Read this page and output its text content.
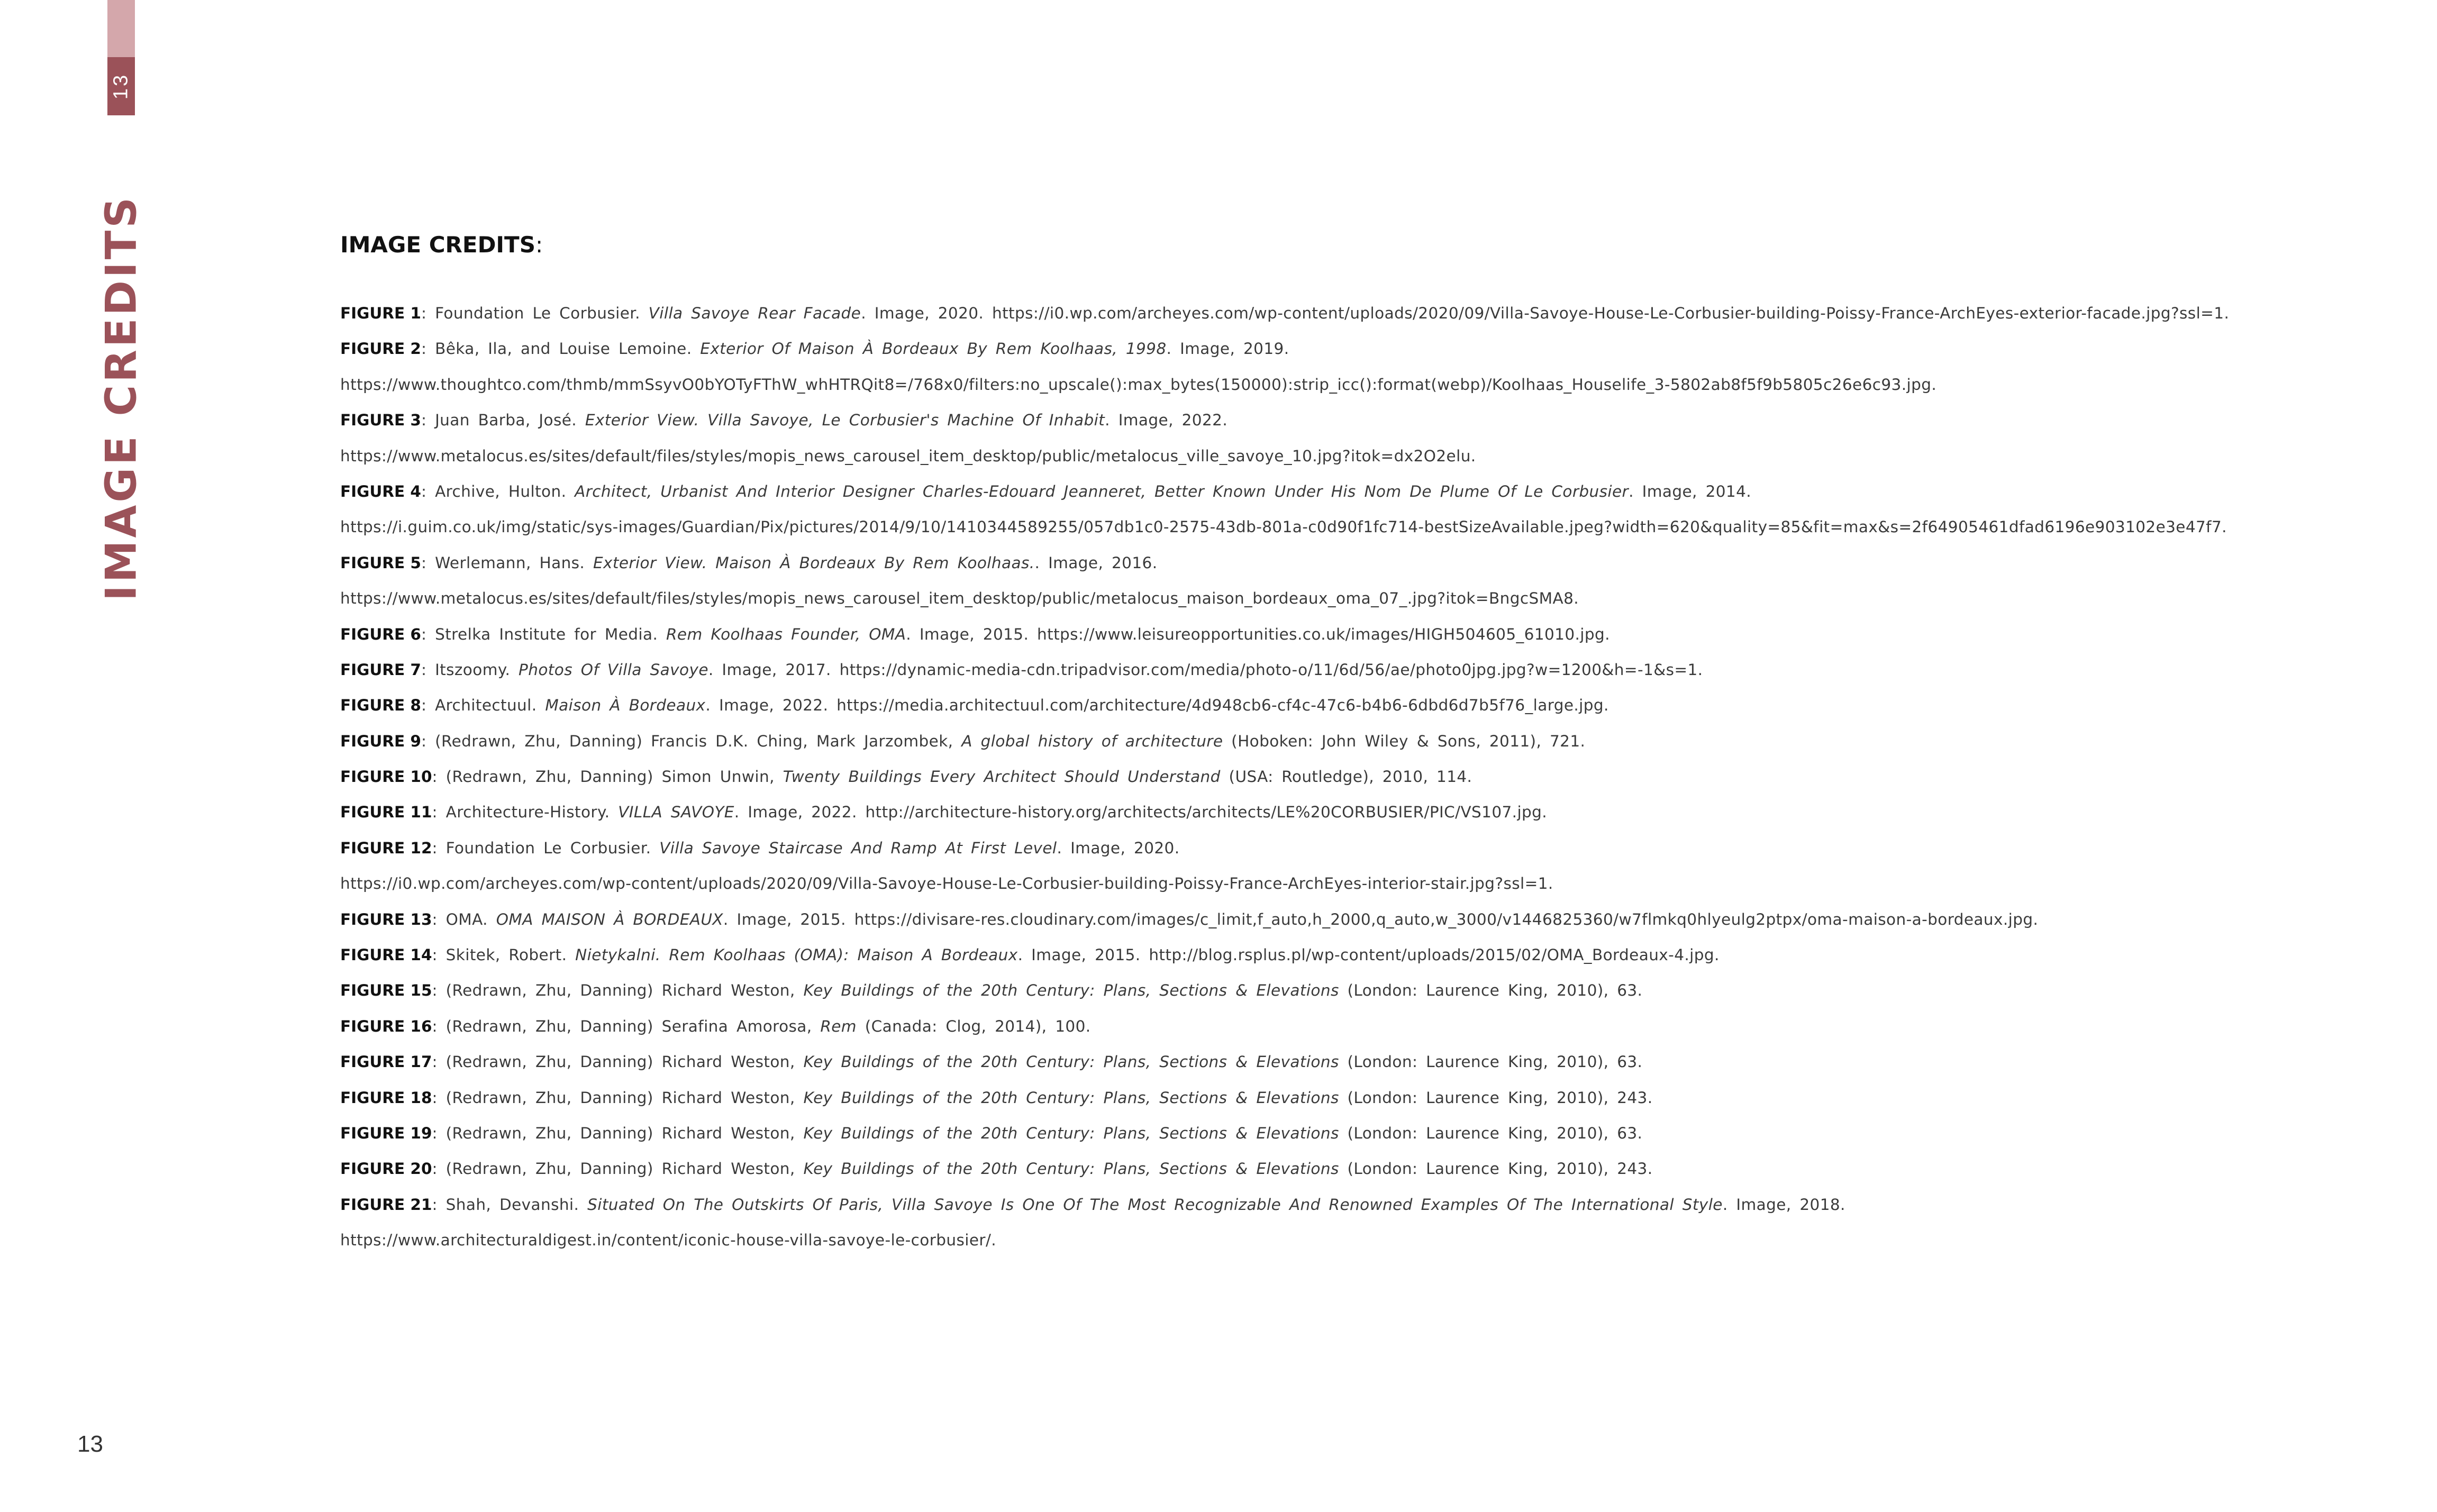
13
IMAGE CREDITS	IMAGE CREDITS:
FIGURE 1: Foundation Le Corbusier. Villa Savoye Rear Facade. Image, 2020. https://i0.wp.com/archeyes.com/wp-content/uploads/2020/09/Villa-Savoye-House-Le-Corbusier-building-Poissy-France-ArchEyes-exterior-facade.jpg?ssl=1.
FIGURE 2: Bêka, Ila, and Louise Lemoine. Exterior Of Maison À Bordeaux By Rem Koolhaas, 1998. Image, 2019.
https://www.thoughtco.com/thmb/mmSsyvO0bYOTyFThW_whHTRQit8=/768x0/filters:no_upscale():max_bytes(150000):strip_icc():format(webp)/Koolhaas_Houselife_3-5802ab8f5f9b5805c26e6c93.jpg.
FIGURE 3: Juan Barba, José. Exterior View. Villa Savoye, Le Corbusier's Machine Of Inhabit. Image, 2022.
https://www.metalocus.es/sites/default/files/styles/mopis_news_carousel_item_desktop/public/metalocus_ville_savoye_10.jpg?itok=dx2O2elu.
FIGURE 4: Archive, Hulton. Architect, Urbanist And Interior Designer Charles-Edouard Jeanneret, Better Known Under His Nom De Plume Of Le Corbusier. Image, 2014.
https://i.guim.co.uk/img/static/sys-images/Guardian/Pix/pictures/2014/9/10/1410344589255/057db1c0-2575-43db-801a-c0d90f1fc714-bestSizeAvailable.jpeg?width=620&quality=85&fit=max&s=2f64905461dfad6196e903102e3e47f7.
FIGURE 5: Werlemann, Hans. Exterior View. Maison À Bordeaux By Rem Koolhaas.. Image, 2016.
https://www.metalocus.es/sites/default/files/styles/mopis_news_carousel_item_desktop/public/metalocus_maison_bordeaux_oma_07_.jpg?itok=BngcSMA8.
FIGURE 6: Strelka Institute for Media. Rem Koolhaas Founder, OMA. Image, 2015. https://www.leisureopportunities.co.uk/images/HIGH504605_61010.jpg.
FIGURE 7: Itszoomy. Photos Of Villa Savoye. Image, 2017. https://dynamic-media-cdn.tripadvisor.com/media/photo-o/11/6d/56/ae/photo0jpg.jpg?w=1200&h=-1&s=1.
FIGURE 8: Architectuul. Maison À Bordeaux. Image, 2022. https://media.architectuul.com/architecture/4d948cb6-cf4c-47c6-b4b6-6dbd6d7b5f76_large.jpg.
FIGURE 9: (Redrawn, Zhu, Danning) Francis D.K. Ching, Mark Jarzombek, A global history of architecture (Hoboken: John Wiley & Sons, 2011), 721.
FIGURE 10: (Redrawn, Zhu, Danning) Simon Unwin, Twenty Buildings Every Architect Should Understand (USA: Routledge), 2010, 114.
FIGURE 11: Architecture-History. VILLA SAVOYE. Image, 2022. http://architecture-history.org/architects/architects/LE%20CORBUSIER/PIC/VS107.jpg.
FIGURE 12: Foundation Le Corbusier. Villa Savoye Staircase And Ramp At First Level. Image, 2020.
https://i0.wp.com/archeyes.com/wp-content/uploads/2020/09/Villa-Savoye-House-Le-Corbusier-building-Poissy-France-ArchEyes-interior-stair.jpg?ssl=1.
FIGURE 13: OMA. OMA MAISON À BORDEAUX. Image, 2015. https://divisare-res.cloudinary.com/images/c_limit,f_auto,h_2000,q_auto,w_3000/v1446825360/w7flmkq0hlyeulg2ptpx/oma-maison-a-bordeaux.jpg.
FIGURE 14: Skitek, Robert. Nietykalni. Rem Koolhaas (OMA): Maison A Bordeaux. Image, 2015. http://blog.rsplus.pl/wp-content/uploads/2015/02/OMA_Bordeaux-4.jpg.
FIGURE 15: (Redrawn, Zhu, Danning) Richard Weston, Key Buildings of the 20th Century: Plans, Sections & Elevations (London: Laurence King, 2010), 63.
FIGURE 16: (Redrawn, Zhu, Danning) Serafina Amorosa, Rem (Canada: Clog, 2014), 100.
FIGURE 17: (Redrawn, Zhu, Danning) Richard Weston, Key Buildings of the 20th Century: Plans, Sections & Elevations (London: Laurence King, 2010), 63.
FIGURE 18: (Redrawn, Zhu, Danning) Richard Weston, Key Buildings of the 20th Century: Plans, Sections & Elevations (London: Laurence King, 2010), 243.
FIGURE 19: (Redrawn, Zhu, Danning) Richard Weston, Key Buildings of the 20th Century: Plans, Sections & Elevations (London: Laurence King, 2010), 63.
FIGURE 20: (Redrawn, Zhu, Danning) Richard Weston, Key Buildings of the 20th Century: Plans, Sections & Elevations (London: Laurence King, 2010), 243.
FIGURE 21: Shah, Devanshi. Situated On The Outskirts Of Paris, Villa Savoye Is One Of The Most Recognizable And Renowned Examples Of The International Style. Image, 2018.
https://www.architecturaldigest.in/content/iconic-house-villa-savoye-le-corbusier/.
13
